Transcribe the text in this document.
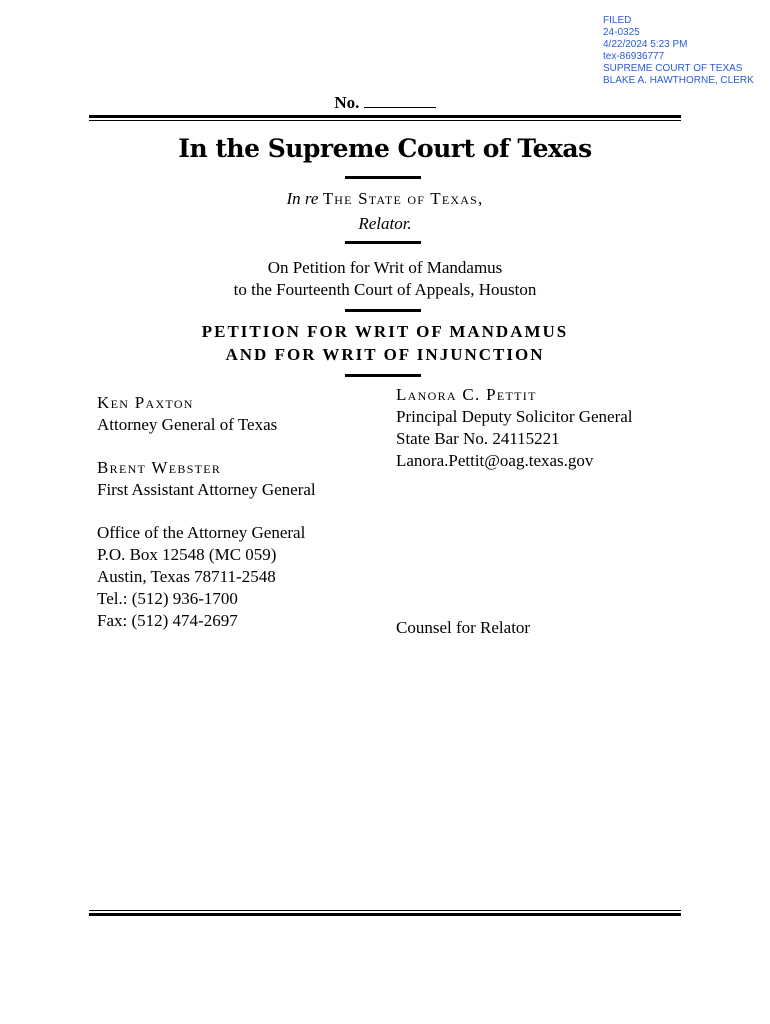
FILED
24-0325
4/22/2024 5:23 PM
tex-86936777
SUPREME COURT OF TEXAS
BLAKE A. HAWTHORNE, CLERK
No.
In the Supreme Court of Texas
In re The State of Texas,
Relator.
On Petition for Writ of Mandamus
to the Fourteenth Court of Appeals, Houston
PETITION FOR WRIT OF MANDAMUS
AND FOR WRIT OF INJUNCTION
Ken Paxton
Attorney General of Texas
Brent Webster
First Assistant Attorney General
Office of the Attorney General
P.O. Box 12548 (MC 059)
Austin, Texas 78711-2548
Tel.: (512) 936-1700
Fax: (512) 474-2697
Lanora C. Pettit
Principal Deputy Solicitor General
State Bar No. 24115221
Lanora.Pettit@oag.texas.gov
Counsel for Relator
